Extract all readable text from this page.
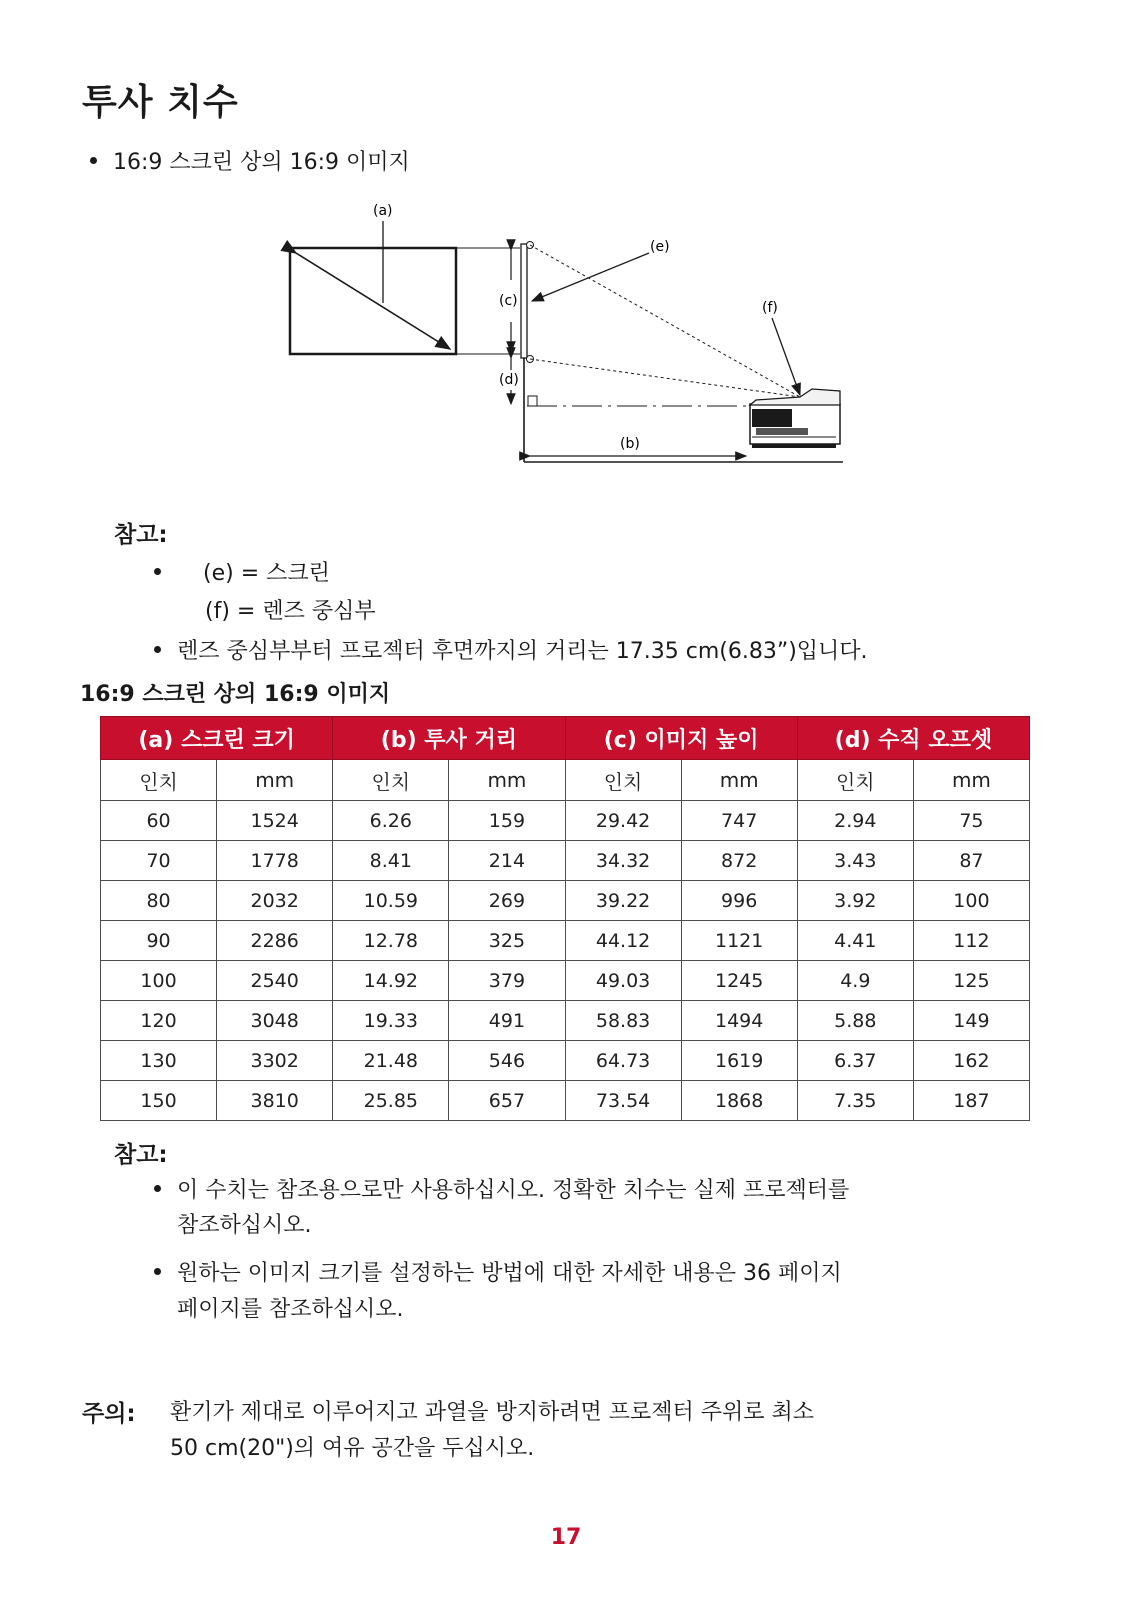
투사 치수
16:9 스크린 상의 16:9 이미지
(a)
(c)
(d)
(e)
(f)
(b)
참고:
(e) = 스크린
(f) = 렌즈 중심부
렌즈 중심부부터 프로젝터 후면까지의 거리는 17.35 cm(6.83”)입니다.
16:9 스크린 상의 16:9 이미지
(a) 스크린 크기		(b) 투사 거리		(c) 이미지 높이		(d) 수직 오프셋	
인치	mm	인치	mm	인치	mm	인치	mm
60	1524	6.26	159	29.42	747	2.94	75
70	1778	8.41	214	34.32	872	3.43	87
80	2032	10.59	269	39.22	996	3.92	100
90	2286	12.78	325	44.12	1121	4.41	112
100	2540	14.92	379	49.03	1245	4.9	125
120	3048	19.33	491	58.83	1494	5.88	149
130	3302	21.48	546	64.73	1619	6.37	162
150	3810	25.85	657	73.54	1868	7.35	187
참고:
이 수치는 참조용으로만 사용하십시오. 정확한 치수는 실제 프로젝터를
참조하십시오.
원하는 이미지 크기를 설정하는 방법에 대한 자세한 내용은 36 페이지
페이지를 참조하십시오.
주의: 환기가 제대로 이루어지고 과열을 방지하려면 프로젝터 주위로 최소
50 cm(20")의 여유 공간을 두십시오.
17
